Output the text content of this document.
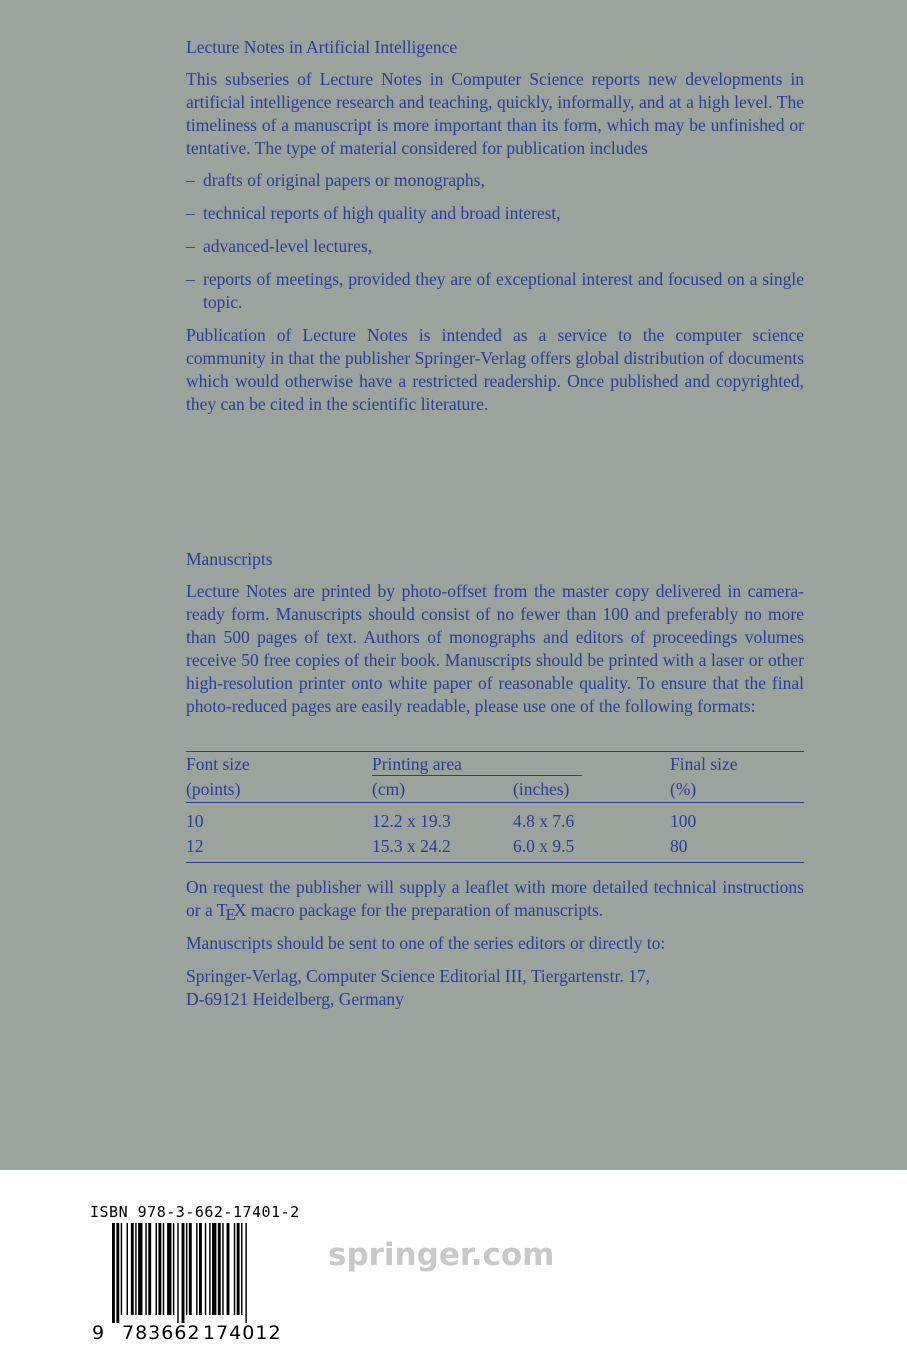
Lecture Notes in Artificial Intelligence

This subseries of Lecture Notes in Computer Science reports new developments in artificial intelligence research and teaching, quickly, informally, and at a high level. The timeliness of a manuscript is more important than its form, which may be unfinished or tentative. The type of material considered for publication includes

– drafts of original papers or monographs,
– technical reports of high quality and broad interest,
– advanced-level lectures,
– reports of meetings, provided they are of exceptional interest and focused on a single topic.

Publication of Lecture Notes is intended as a service to the computer science community in that the publisher Springer-Verlag offers global distribution of documents which would otherwise have a restricted readership. Once published and copyrighted, they can be cited in the scientific literature.

Manuscripts

Lecture Notes are printed by photo-offset from the master copy delivered in camera-ready form. Manuscripts should consist of no fewer than 100 and preferably no more than 500 pages of text. Authors of monographs and editors of proceedings volumes receive 50 free copies of their book. Manuscripts should be printed with a laser or other high-resolution printer onto white paper of reasonable quality. To ensure that the final photo-reduced pages are easily readable, please use one of the following formats:

Font size	Printing area		Final size
(points)	(cm)	(inches)	(%)
10	12.2 x 19.3	4.8 x 7.6	100
12	15.3 x 24.2	6.0 x 9.5	80

On request the publisher will supply a leaflet with more detailed technical instructions or a TEX macro package for the preparation of manuscripts.

Manuscripts should be sent to one of the series editors or directly to:

Springer-Verlag, Computer Science Editorial III, Tiergartenstr. 17,

D-69121 Heidelberg, Germany

ISBN 978-3-662-17401-2
9 783662 174012
springer.com
